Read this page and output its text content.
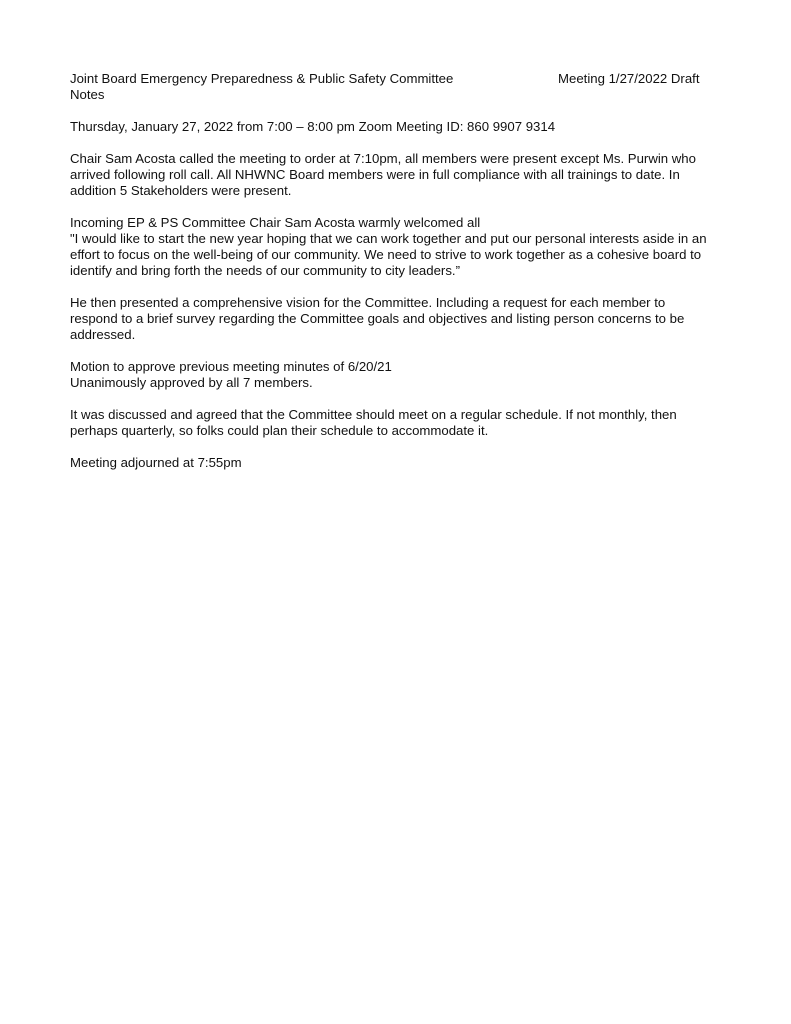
Joint Board Emergency Preparedness & Public Safety Committee	Meeting 1/27/2022 Draft
Notes

Thursday, January 27, 2022 from 7:00 – 8:00 pm Zoom Meeting ID: 860 9907 9314

Chair Sam Acosta called the meeting to order at 7:10pm, all members were present except Ms. Purwin who
arrived following roll call. All NHWNC Board members were in full compliance with all trainings to date. In
addition 5 Stakeholders were present.

Incoming EP & PS Committee Chair Sam Acosta warmly welcomed all

"I would like to start the new year hoping that we can work together and put our personal interests aside in an
effort to focus on the well-being of our community. We need to strive to work together as a cohesive board to
identify and bring forth the needs of our community to city leaders.”

He then presented a comprehensive vision for the Committee. Including a request for each member to
respond to a brief survey regarding the Committee goals and objectives and listing person concerns to be
addressed.

Motion to approve previous meeting minutes of 6/20/21

Unanimously approved by all 7 members.

It was discussed and agreed that the Committee should meet on a regular schedule. If not monthly, then
perhaps quarterly, so folks could plan their schedule to accommodate it.

Meeting adjourned at 7:55pm
